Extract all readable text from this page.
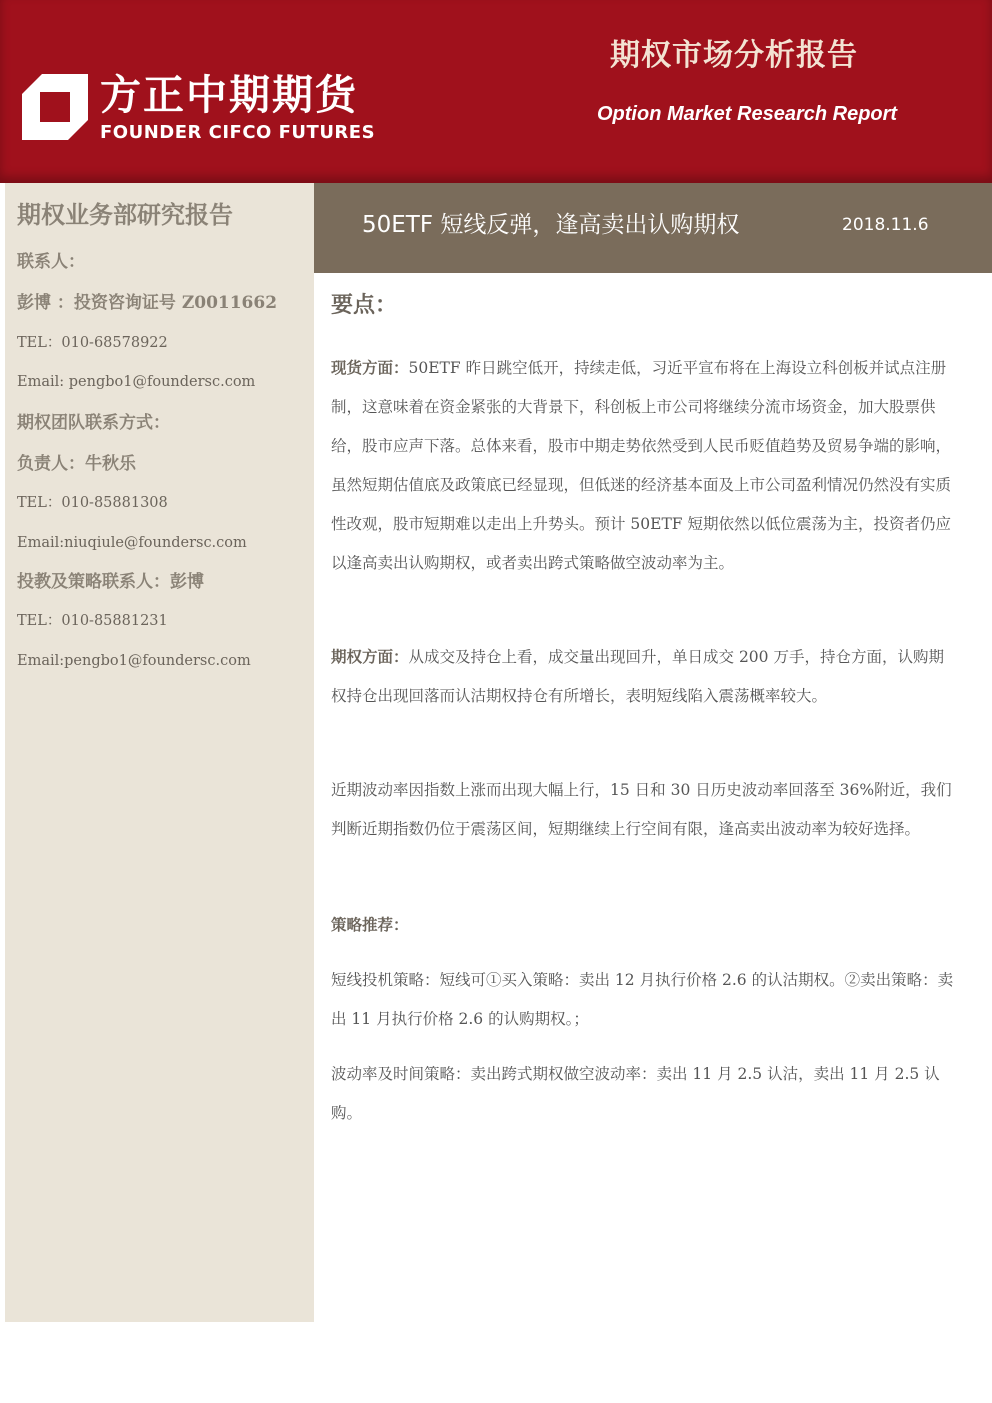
方正中期期货
FOUNDER CIFCO FUTURES
期权市场分析报告
Option Market Research Report
期权业务部研究报告
联系人：
彭博 ：投资咨询证号 Z0011662
TEL：010-68578922
Email: pengbo1@foundersc.com
期权团队联系方式：
负责人：牛秋乐
TEL：010-85881308
Email:niuqiule@foundersc.com
投教及策略联系人：彭博
TEL：010-85881231
Email:pengbo1@foundersc.com
50ETF 短线反弹，逢高卖出认购期权	2018.11.6
要点：

现货方面：50ETF 昨日跳空低开，持续走低，习近平宣布将在上海设立科创板并试点注册制，这意味着在资金紧张的大背景下，科创板上市公司将继续分流市场资金，加大股票供给，股市应声下落。总体来看，股市中期走势依然受到人民币贬值趋势及贸易争端的影响，虽然短期估值底及政策底已经显现，但低迷的经济基本面及上市公司盈利情况仍然没有实质性改观，股市短期难以走出上升势头。预计 50ETF 短期依然以低位震荡为主，投资者仍应以逢高卖出认购期权，或者卖出跨式策略做空波动率为主。

期权方面：从成交及持仓上看，成交量出现回升，单日成交 200 万手，持仓方面，认购期权持仓出现回落而认沽期权持仓有所增长，表明短线陷入震荡概率较大。

近期波动率因指数上涨而出现大幅上行，15 日和 30 日历史波动率回落至 36%附近，我们判断近期指数仍位于震荡区间，短期继续上行空间有限，逢高卖出波动率为较好选择。

策略推荐：

短线投机策略：短线可①买入策略：卖出 12 月执行价格 2.6 的认沽期权。②卖出策略：卖出 11 月执行价格 2.6 的认购期权。；

波动率及时间策略：卖出跨式期权做空波动率：卖出 11 月 2.5 认沽，卖出 11 月 2.5 认购。
